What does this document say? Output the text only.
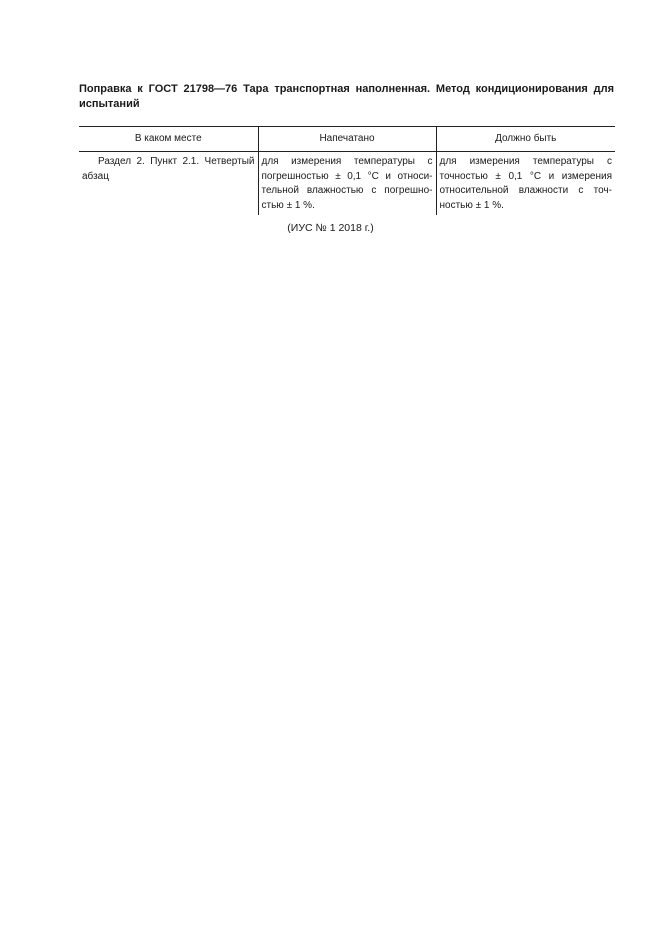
Поправка к ГОСТ 21798—76 Тара транспортная наполненная. Метод кондиционирования для испытаний
В каком месте	Напечатано	Должно быть
Раздел 2. Пункт 2.1. Четвертый абзац	для измерения температуры с погрешностью ± 0,1 °С и относительной влажностью с погрешностью ± 1 %.	для измерения температуры с точностью ± 0,1 °С и измерения относительной влажности с точностью ± 1 %.
(ИУС № 1 2018 г.)
